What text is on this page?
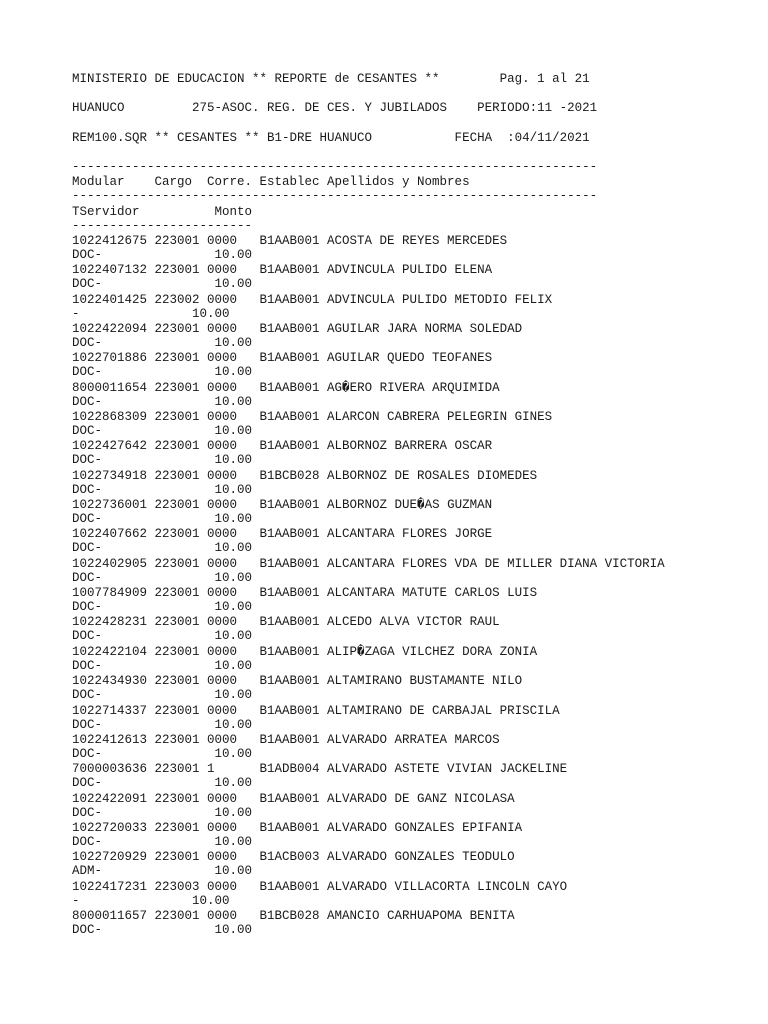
MINISTERIO DE EDUCACION ** REPORTE de CESANTES **        Pag. 1 al 21
HUANUCO         275-ASOC. REG. DE CES. Y JUBILADOS    PERIODO:11 -2021
REM100.SQR ** CESANTES ** B1-DRE HUANUCO           FECHA  :04/11/2021
----------------------------------------------------------------------
Modular    Cargo  Corre. Establec Apellidos y Nombres
----------------------------------------------------------------------
TServidor          Monto
------------------------
1022412675 223001 0000   B1AAB001 ACOSTA DE REYES MERCEDES
DOC-               10.00
1022407132 223001 0000   B1AAB001 ADVINCULA PULIDO ELENA
DOC-               10.00
1022401425 223002 0000   B1AAB001 ADVINCULA PULIDO METODIO FELIX
-               10.00
1022422094 223001 0000   B1AAB001 AGUILAR JARA NORMA SOLEDAD
DOC-               10.00
1022701886 223001 0000   B1AAB001 AGUILAR QUEDO TEOFANES
DOC-               10.00
8000011654 223001 0000   B1AAB001 AG�ERO RIVERA ARQUIMIDA
DOC-               10.00
1022868309 223001 0000   B1AAB001 ALARCON CABRERA PELEGRIN GINES
DOC-               10.00
1022427642 223001 0000   B1AAB001 ALBORNOZ BARRERA OSCAR
DOC-               10.00
1022734918 223001 0000   B1BCB028 ALBORNOZ DE ROSALES DIOMEDES
DOC-               10.00
1022736001 223001 0000   B1AAB001 ALBORNOZ DUE�AS GUZMAN
DOC-               10.00
1022407662 223001 0000   B1AAB001 ALCANTARA FLORES JORGE
DOC-               10.00
1022402905 223001 0000   B1AAB001 ALCANTARA FLORES VDA DE MILLER DIANA VICTORIA
DOC-               10.00
1007784909 223001 0000   B1AAB001 ALCANTARA MATUTE CARLOS LUIS
DOC-               10.00
1022428231 223001 0000   B1AAB001 ALCEDO ALVA VICTOR RAUL
DOC-               10.00
1022422104 223001 0000   B1AAB001 ALIP�ZAGA VILCHEZ DORA ZONIA
DOC-               10.00
1022434930 223001 0000   B1AAB001 ALTAMIRANO BUSTAMANTE NILO
DOC-               10.00
1022714337 223001 0000   B1AAB001 ALTAMIRANO DE CARBAJAL PRISCILA
DOC-               10.00
1022412613 223001 0000   B1AAB001 ALVARADO ARRATEA MARCOS
DOC-               10.00
7000003636 223001 1      B1ADB004 ALVARADO ASTETE VIVIAN JACKELINE
DOC-               10.00
1022422091 223001 0000   B1AAB001 ALVARADO DE GANZ NICOLASA
DOC-               10.00
1022720033 223001 0000   B1AAB001 ALVARADO GONZALES EPIFANIA
DOC-               10.00
1022720929 223001 0000   B1ACB003 ALVARADO GONZALES TEODULO
ADM-               10.00
1022417231 223003 0000   B1AAB001 ALVARADO VILLACORTA LINCOLN CAYO
-               10.00
8000011657 223001 0000   B1BCB028 AMANCIO CARHUAPOMA BENITA
DOC-               10.00
